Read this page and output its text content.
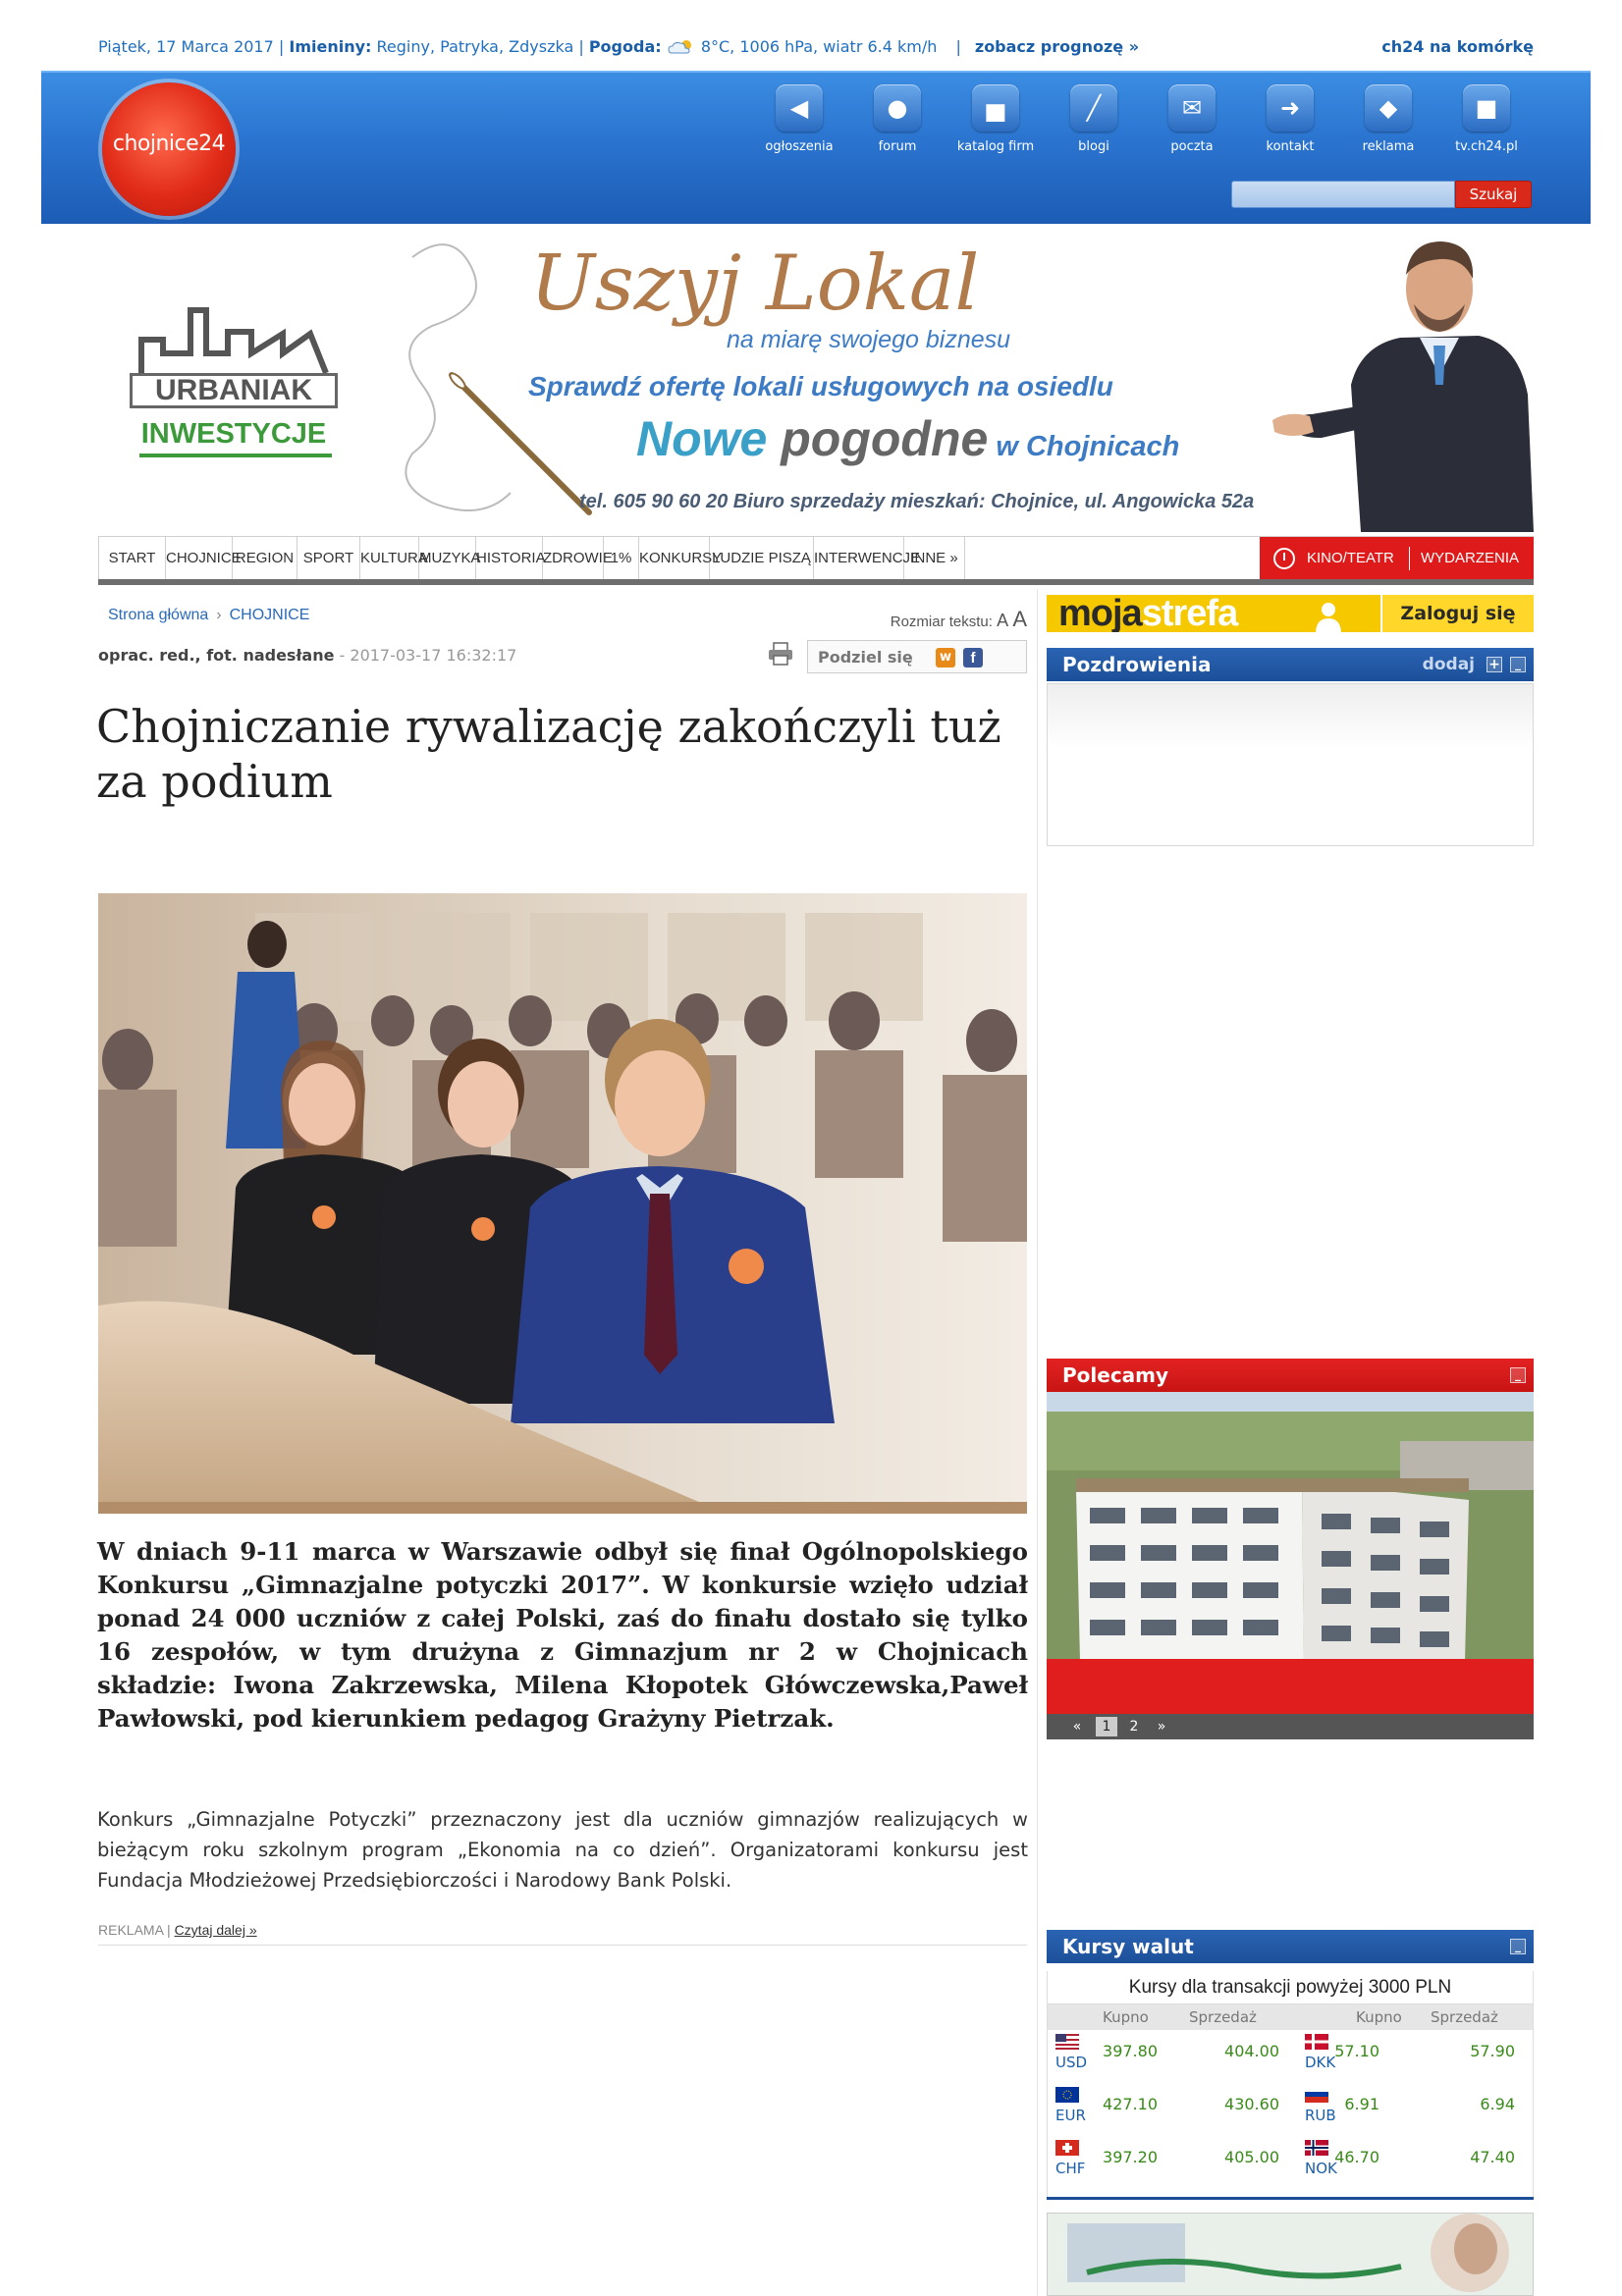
Piątek, 17 Marca 2017 | Imieniny: Reginy, Patryka, Zdyszka | Pogoda:	8°C, 1006 hPa, wiatr 6.4 km/h | zobacz prognozę »	ch24 na komórkę
chojnice24
◀
ogłoszenia
●
forum
▅
katalog firm
╱
blogi
✉
poczta
➜
kontakt
◆
reklama
■
tv.ch24.pl
Szukaj
URBANIAK
INWESTYCJE
Uszyj Lokal
na miarę swojego biznesu
Sprawdź ofertę lokali usługowych na osiedlu
Nowe pogodne w Chojnicach
tel. 605 90 60 20 Biuro sprzedaży mieszkań: Chojnice, ul. Angowicka 52a
KINO/TEATR WYDARZENIA
START CHOJNICE
REGION SPORT KULTURA
MUZYKA
HISTORIA
ZDROWIE
1% KONKURSY
LUDZIE PISZĄ INTERWENCJE
INNE »
Strona główna › CHOJNICE	Rozmiar tekstu: A A
oprac. red., fot. nadesłane - 2017-03-17 16:32:17	Podziel się	w	f
Chojniczanie rywalizację zakończyli tuż za podium

W dniach 9-11 marca w Warszawie odbył się finał Ogólnopolskiego Konkursu „Gimnazjalne potyczki 2017”. W konkursie wzięło udział ponad 24 000 uczniów z całej Polski, zaś do finału dostało się tylko 16 zespołów, w tym drużyna z Gimnazjum nr 2 w Chojnicach składzie: Iwona Zakrzewska, Milena Kłopotek Główczewska,Paweł Pawłowski, pod kierunkiem pedagog Grażyny Pietrzak.

Konkurs „Gimnazjalne Potyczki” przeznaczony jest dla uczniów gimnazjów realizujących w bieżącym roku szkolnym program „Ekonomia na co dzień”. Organizatorami konkursu jest Fundacja Młodzieżowej Przedsiębiorczości i Narodowy Bank Polski.

REKLAMA | Czytaj dalej »
mojastrefa	Zaloguj się
Pozdrowienia	dodaj +	_
Polecamy	_
«	1	2	»
Kursy walut	_
Kursy dla transakcji powyżej 3000 PLN
Kupno	Sprzedaż	Kupno Sprzedaż
USD
397.80	404.00
DKK
57.10	57.90
EUR
427.10	430.60
RUB
6.91	6.94
CHF
397.20	405.00
NOK
46.70	47.40
